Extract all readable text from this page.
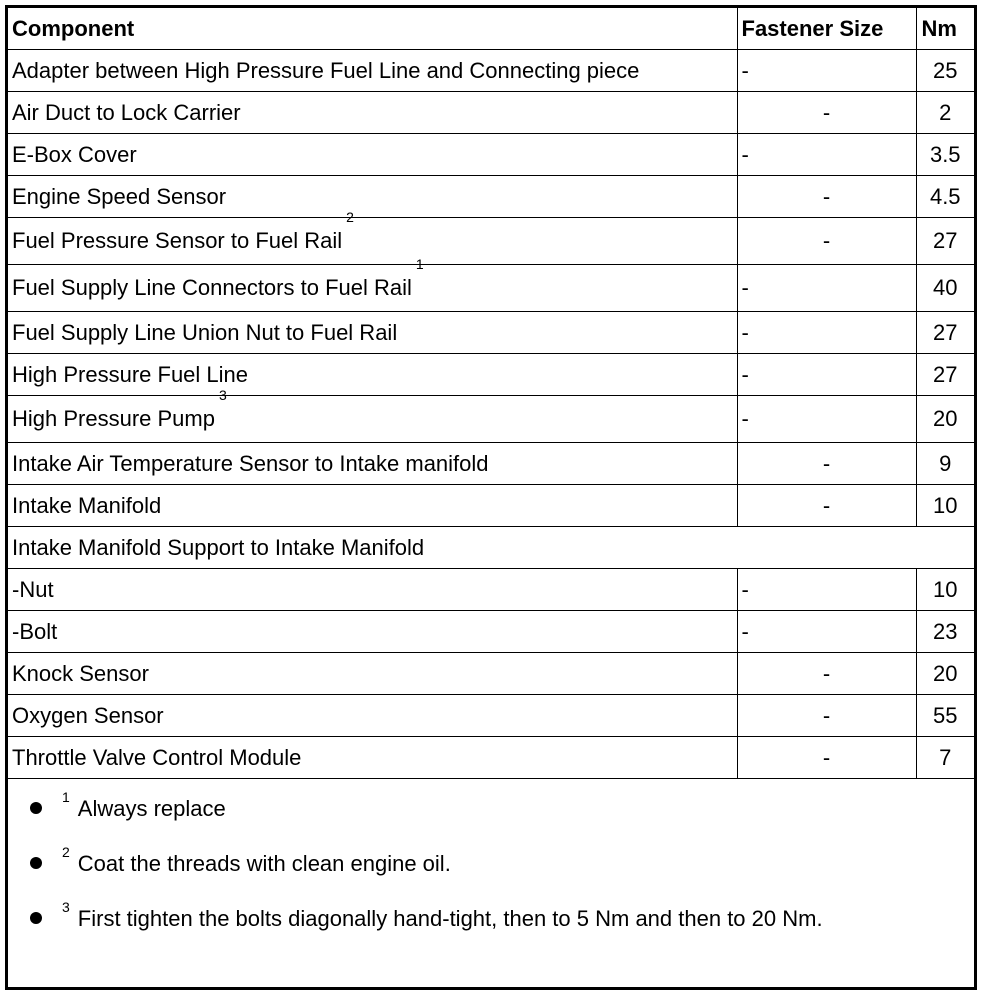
Component	Fastener Size	Nm
Adapter between High Pressure Fuel Line and Connecting piece	-	25
Air Duct to Lock Carrier	-	2
E-Box Cover	-	3.5
Engine Speed Sensor	-	4.5
Fuel Pressure Sensor to Fuel Rail$^2$	-	27
Fuel Supply Line Connectors to Fuel Rail$^1$	-	40
Fuel Supply Line Union Nut to Fuel Rail	-	27
High Pressure Fuel Line	-	27
High Pressure Pump$^3$	-	20
Intake Air Temperature Sensor to Intake manifold	-	9
Intake Manifold	-	10
Intake Manifold Support to Intake Manifold		
-Nut	-	10
-Bolt	-	23
Knock Sensor	-	20
Oxygen Sensor	-	55
Throttle Valve Control Module	-	7
$^1$ Always replace
$^2$ Coat the threads with clean engine oil.
$^3$ First tighten the bolts diagonally hand-tight, then to 5 Nm and then to 20 Nm.
